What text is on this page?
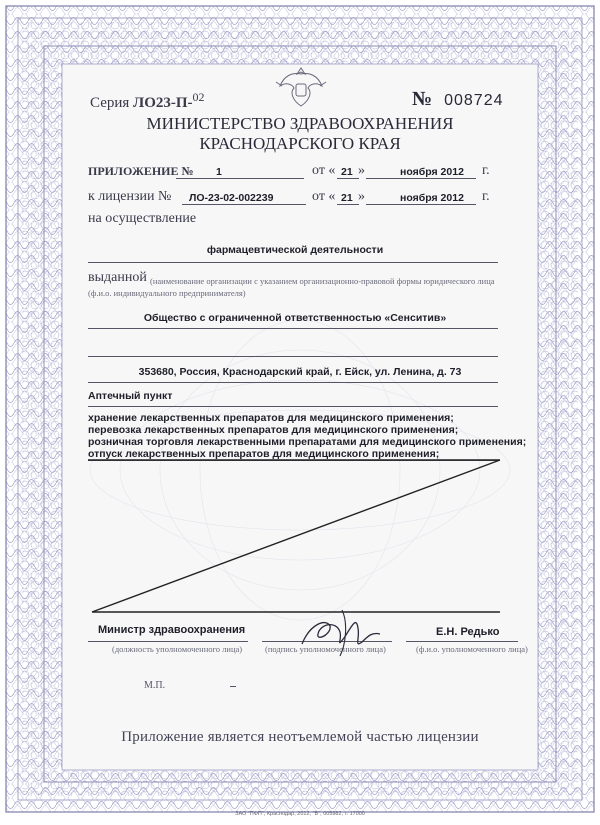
Серия ЛО23-П-$^{02}$	№ 008724
МИНИСТЕРСТВО ЗДРАВООХРАНЕНИЯ
КРАСНОДАРСКОГО КРАЯ
ПРИЛОЖЕНИЕ № 1	от « 21 »	ноября 2012 г.
к лицензии № ЛО-23-02-002239	от « 21 »	ноября 2012 г.
на осуществление
фармацевтической деятельности
выданной (наименование организации с указанием организационно-правовой формы юридического лица
(ф.и.о. индивидуального предпринимателя)
Общество с ограниченной ответственностью «Сенситив»
353680, Россия, Краснодарский край, г. Ейск, ул. Ленина, д. 73
Аптечный пункт
хранение лекарственных препаратов для медицинского применения;
перевозка лекарственных препаратов для медицинского применения;
розничная торговля лекарственными препаратами для медицинского применения;
отпуск лекарственных препаратов для медицинского применения;
Министр здравоохранения	Е.Н. Редько
(должность уполномоченного лица)	(подпись уполномоченного лица)	(ф.и.о. уполномоченного лица)
М.П.
Приложение является неотъемлемой частью лицензии
ЗАО "ПФП", Краснодар, 2012, "В", 005982, т. 17000
